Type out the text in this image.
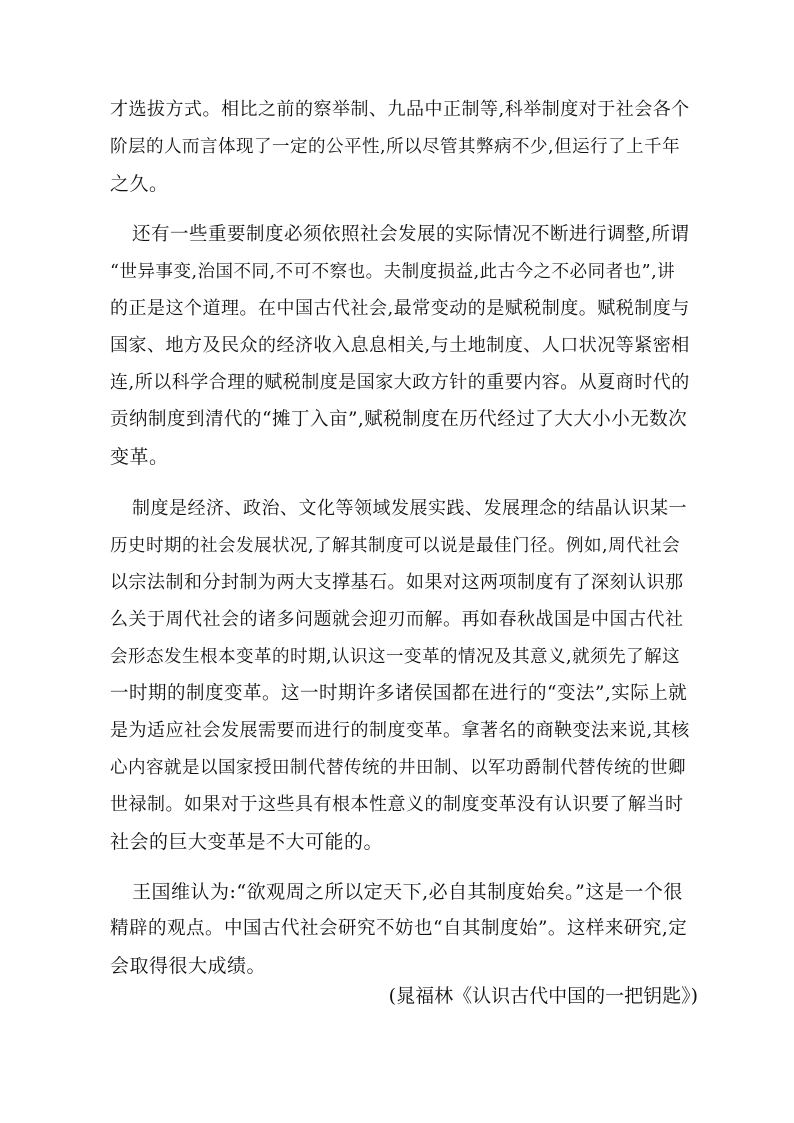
才选拔方式。相比之前的察举制、九品中正制等,科举制度对于社会各个
阶层的人而言体现了一定的公平性,所以尽管其弊病不少,但运行了上千年
之久。
还有一些重要制度必须依照社会发展的实际情况不断进行调整,所谓
“世异事变,治国不同,不可不察也。夫制度损益,此古今之不必同者也”,讲
的正是这个道理。在中国古代社会,最常变动的是赋税制度。赋税制度与
国家、地方及民众的经济收入息息相关,与土地制度、人口状况等紧密相
连,所以科学合理的赋税制度是国家大政方针的重要内容。从夏商时代的
贡纳制度到清代的“摊丁入亩”,赋税制度在历代经过了大大小小无数次
变革。
制度是经济、政治、文化等领域发展实践、发展理念的结晶认识某一
历史时期的社会发展状况,了解其制度可以说是最佳门径。例如,周代社会
以宗法制和分封制为两大支撑基石。如果对这两项制度有了深刻认识那
么关于周代社会的诸多问题就会迎刃而解。再如春秋战国是中国古代社
会形态发生根本变革的时期,认识这一变革的情况及其意义,就须先了解这
一时期的制度变革。这一时期许多诸侯国都在进行的“变法”,实际上就
是为适应社会发展需要而进行的制度变革。拿著名的商鞅变法来说,其核
心内容就是以国家授田制代替传统的井田制、以军功爵制代替传统的世卿
世禄制。如果对于这些具有根本性意义的制度变革没有认识要了解当时
社会的巨大变革是不大可能的。
王国维认为:“欲观周之所以定天下,必自其制度始矣。”这是一个很
精辟的观点。中国古代社会研究不妨也“自其制度始”。这样来研究,定
会取得很大成绩。
(晁福林《认识古代中国的一把钥匙》)
